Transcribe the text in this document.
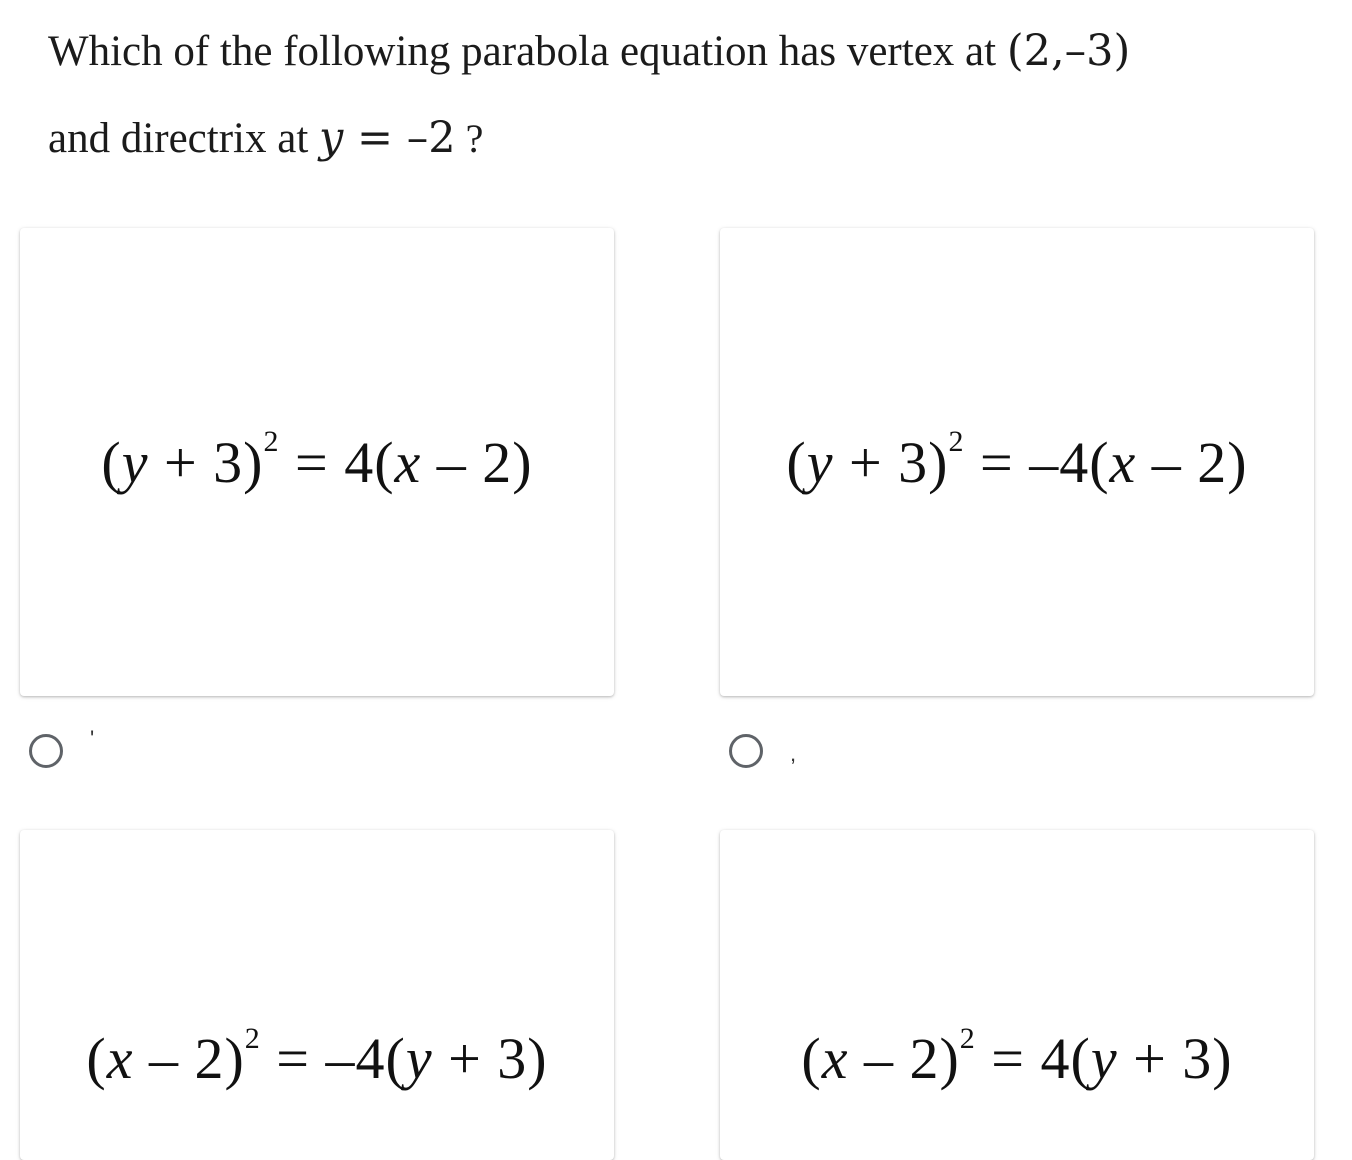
Which of the following parabola equation has vertex at (2,–3)
and directrix at y = –2 ?
$(y + 3)^2 = 4(x - 2)$	$(y + 3)^2 = -4(x - 2)$
'
,
(x – 2)$^2$ = –4(y + 3)	(x – 2)$^2$ = 4(y + 3)
